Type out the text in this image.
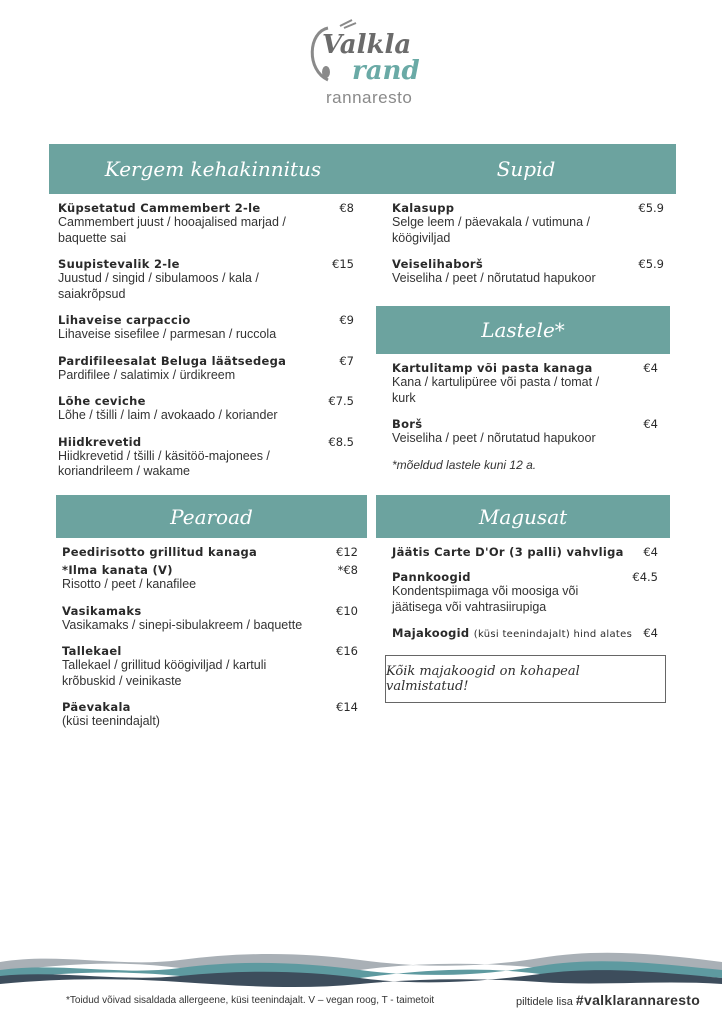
Valkla
rand
rannaresto
Kergem kehakinnitus	Supid
Küpsetatud Cammembert 2-le	€8
Cammembert juust / hooajalised marjad / baquette sai
Suupistevalik 2-le	€15
Juustud / singid / sibulamoos / kala / saiakrõpsud
Lihaveise carpaccio	€9
Lihaveise sisefilee / parmesan / ruccola
Pardifileesalat Beluga läätsedega	€7
Pardifilee / salatimix / ürdikreem
Lõhe ceviche	€7.5
Lõhe / tšilli / laim / avokaado / koriander
Hiidkrevetid	€8.5
Hiidkrevetid / tšilli / käsitöö-majonees / koriandrileem / wakame
Kalasupp	€5.9
Selge leem / päevakala / vutimuna / köögiviljad
Veiselihaborš	€5.9
Veiseliha / peet / nõrutatud hapukoor
Lastele*
Kartulitamp või pasta kanaga	€4
Kana / kartulipüree või pasta / tomat / kurk
Borš	€4
Veiseliha / peet / nõrutatud hapukoor
*mõeldud lastele kuni 12 a.
Pearoad	Magusat
Peedirisotto grillitud kanaga	€12
*Ilma kanata (V)	*€8
Risotto / peet / kanafilee
Vasikamaks	€10
Vasikamaks / sinepi-sibulakreem / baquette
Tallekael	€16
Tallekael / grillitud köögiviljad / kartuli krõbuskid / veinikaste
Päevakala	€14
(küsi teenindajalt)
Jäätis Carte D'Or (3 palli) vahvliga	€4
Pannkoogid	€4.5
Kondentspiimaga või moosiga või jäätisega või vahtrasiirupiga
Majakoogid (küsi teenindajalt) hind alates €4
Kõik majakoogid on kohapeal valmistatud!
*Toidud võivad sisaldada allergeene, küsi teenindajalt. V – vegan roog, T - taimetoit	piltidele lisa #valklarannaresto
